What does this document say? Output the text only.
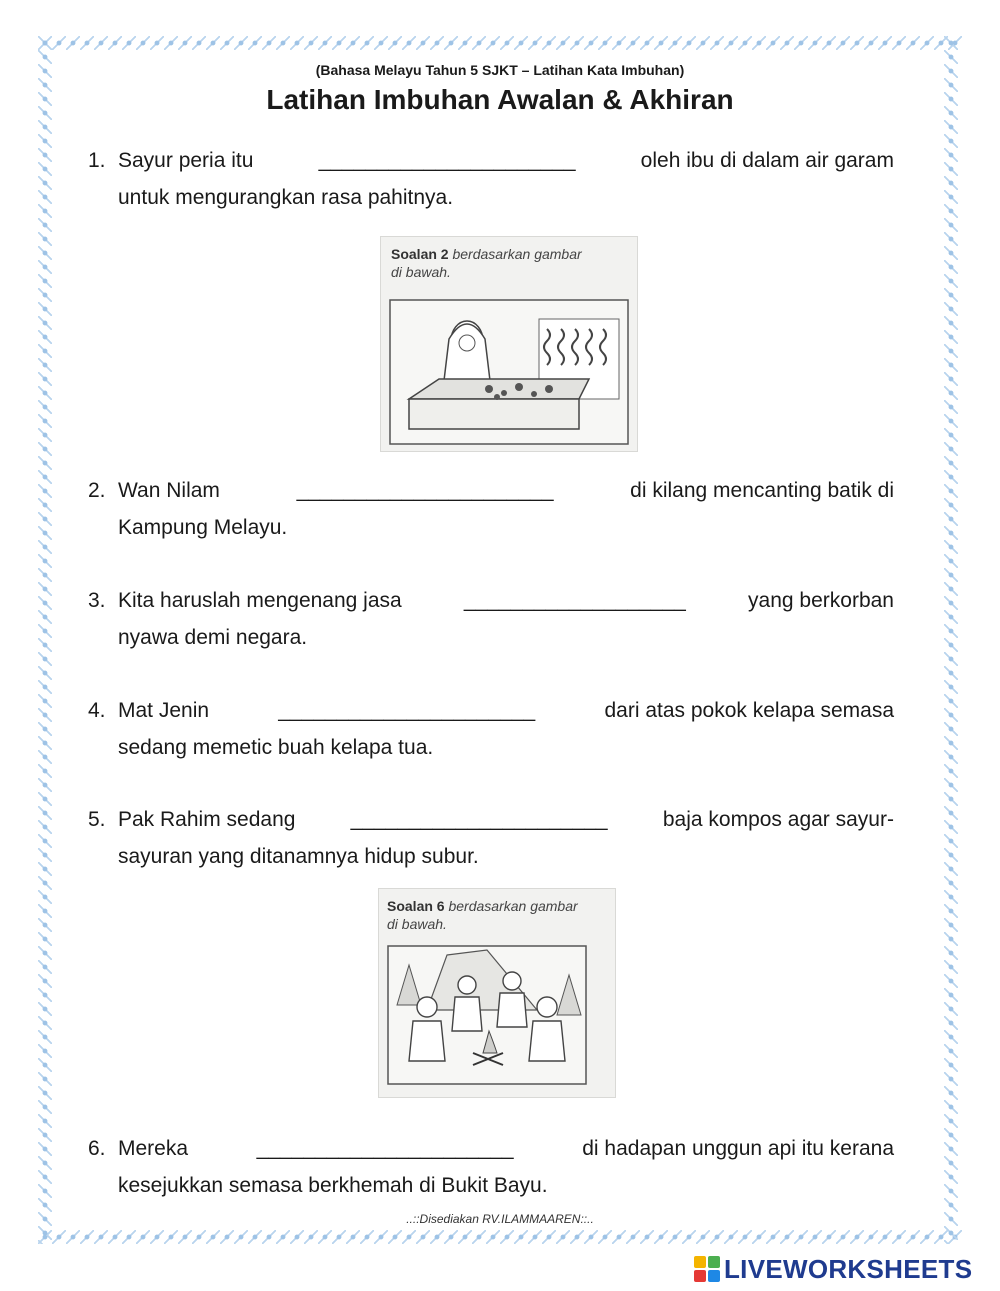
(Bahasa Melayu Tahun 5 SJKT – Latihan Kata Imbuhan)
Latihan Imbuhan Awalan & Akhiran
1. Sayur peria itu	______________________	oleh ibu di dalam air garam
untuk mengurangkan rasa pahitnya.
Soalan 2 berdasarkan gambar
di bawah.
2. Wan Nilam	______________________	di kilang mencanting batik di
Kampung Melayu.
3. Kita haruslah mengenang jasa	___________________	yang berkorban
nyawa demi negara.
4. Mat Jenin	______________________	dari atas pokok kelapa semasa
sedang memetic buah kelapa tua.
5. Pak Rahim sedang	______________________	baja kompos agar sayur-
sayuran yang ditanamnya hidup subur.
Soalan 6 berdasarkan gambar
di bawah.
6. Mereka	______________________	di hadapan unggun api itu kerana
kesejukkan semasa berkhemah di Bukit Bayu.
..::Disediakan RV.ILAMMAAREN::..
LIVEWORKSHEETS
